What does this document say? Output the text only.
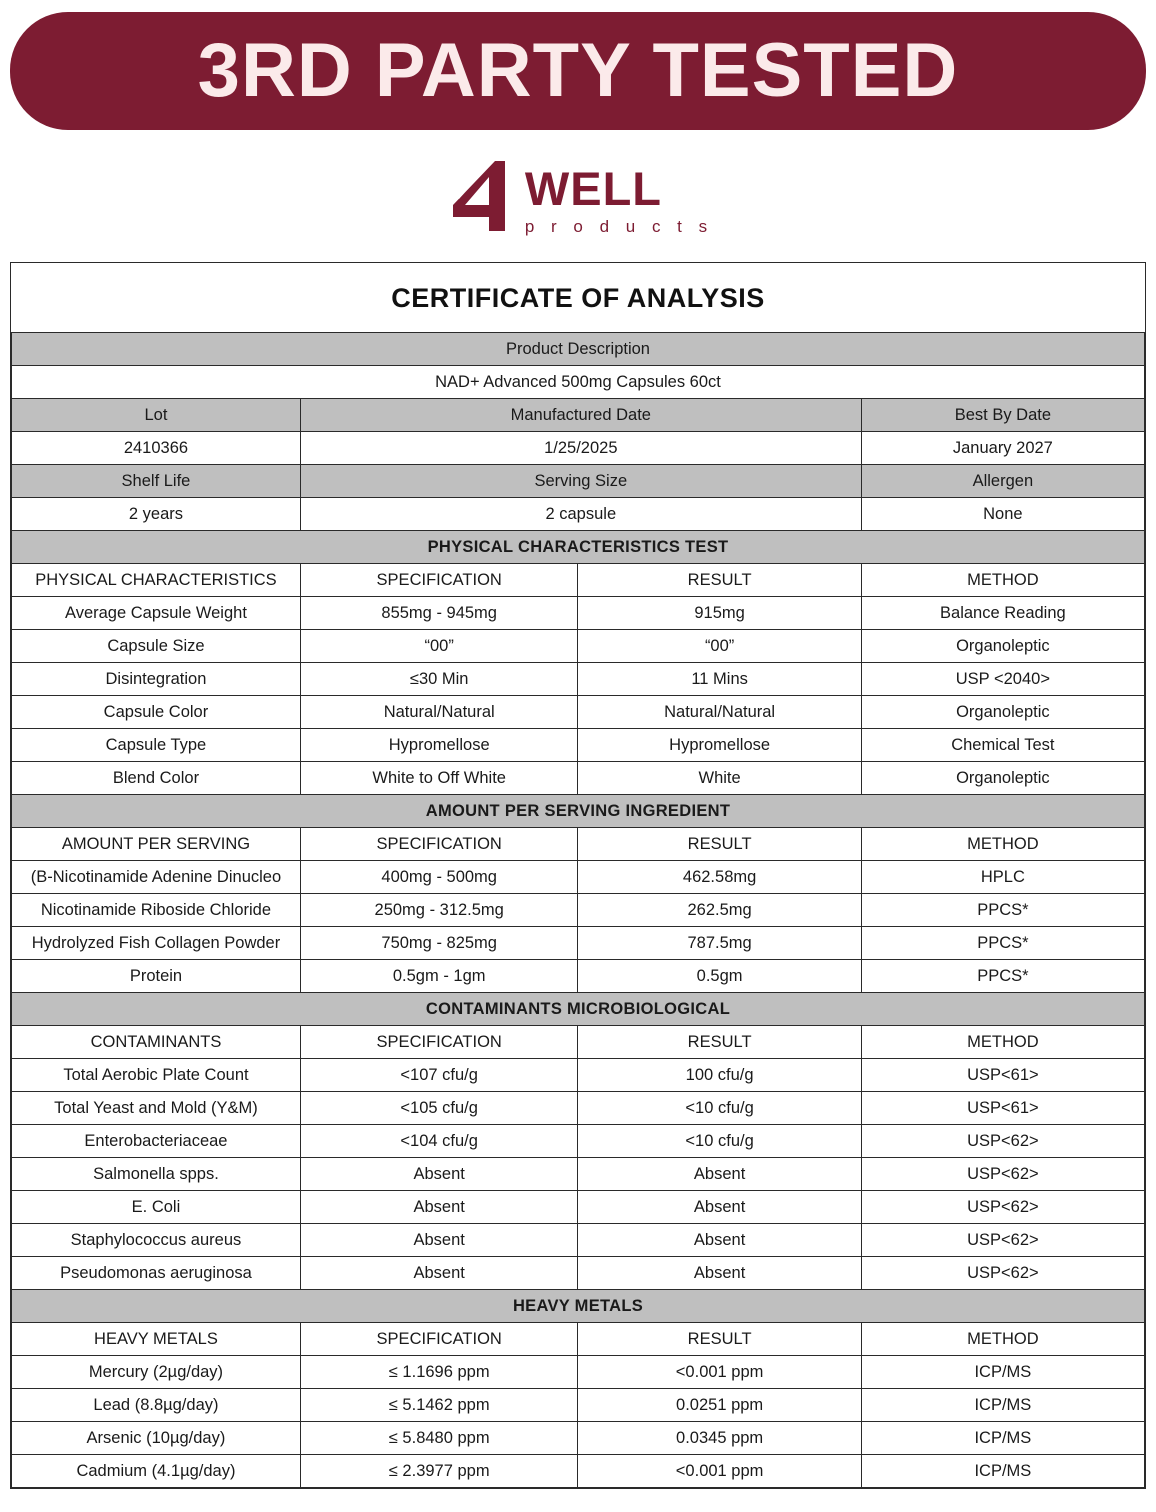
3RD PARTY TESTED
WELL
p r o d u c t s
CERTIFICATE OF ANALYSIS
Product Description			
NAD+ Advanced 500mg Capsules 60ct			
Lot	Manufactured Date		Best By Date
2410366	1/25/2025		January 2027
Shelf Life	Serving Size		Allergen
2 years	2 capsule		None
PHYSICAL CHARACTERISTICS TEST			
PHYSICAL CHARACTERISTICS	SPECIFICATION	RESULT	METHOD
Average Capsule Weight	855mg - 945mg	915mg	Balance Reading
Capsule Size	“00”	“00”	Organoleptic
Disintegration	≤30 Min	11 Mins	USP <2040>
Capsule Color	Natural/Natural	Natural/Natural	Organoleptic
Capsule Type	Hypromellose	Hypromellose	Chemical Test
Blend Color	White to Off White	White	Organoleptic
AMOUNT PER SERVING INGREDIENT			
AMOUNT PER SERVING	SPECIFICATION	RESULT	METHOD
(B-Nicotinamide Adenine Dinucleo	400mg - 500mg	462.58mg	HPLC
Nicotinamide Riboside Chloride	250mg - 312.5mg	262.5mg	PPCS*
Hydrolyzed Fish Collagen Powder	750mg - 825mg	787.5mg	PPCS*
Protein	0.5gm - 1gm	0.5gm	PPCS*
CONTAMINANTS MICROBIOLOGICAL			
CONTAMINANTS	SPECIFICATION	RESULT	METHOD
Total Aerobic Plate Count	<107 cfu/g	100 cfu/g	USP<61>
Total Yeast and Mold (Y&M)	<105 cfu/g	<10 cfu/g	USP<61>
Enterobacteriaceae	<104 cfu/g	<10 cfu/g	USP<62>
Salmonella spps.	Absent	Absent	USP<62>
E. Coli	Absent	Absent	USP<62>
Staphylococcus aureus	Absent	Absent	USP<62>
Pseudomonas aeruginosa	Absent	Absent	USP<62>
HEAVY METALS			
HEAVY METALS	SPECIFICATION	RESULT	METHOD
Mercury (2µg/day)	≤ 1.1696 ppm	<0.001 ppm	ICP/MS
Lead (8.8µg/day)	≤ 5.1462 ppm	0.0251 ppm	ICP/MS
Arsenic (10µg/day)	≤ 5.8480 ppm	0.0345 ppm	ICP/MS
Cadmium (4.1µg/day)	≤ 2.3977 ppm	<0.001 ppm	ICP/MS
